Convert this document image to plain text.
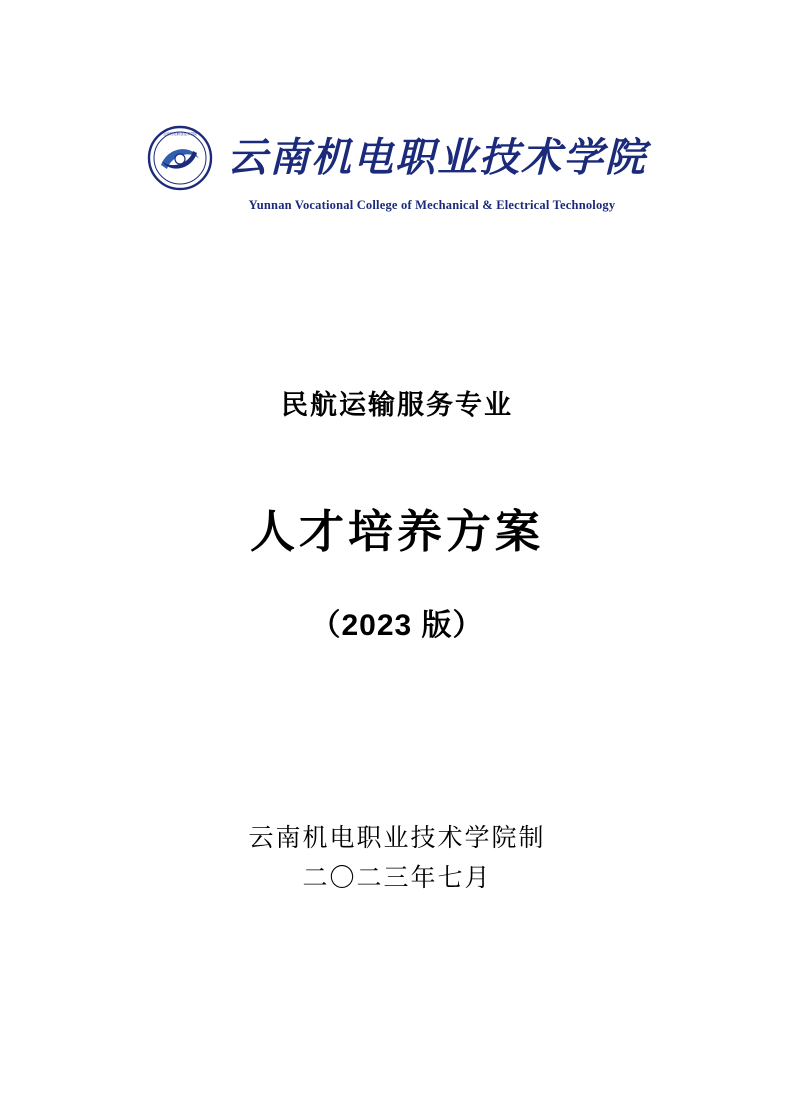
云南机电职业技术学院
云南机电职业技术学院
Yunnan Vocational College of Mechanical & Electrical Technology
民航运输服务专业
人才培养方案
（2023 版）
云南机电职业技术学院制
二〇二三年七月
